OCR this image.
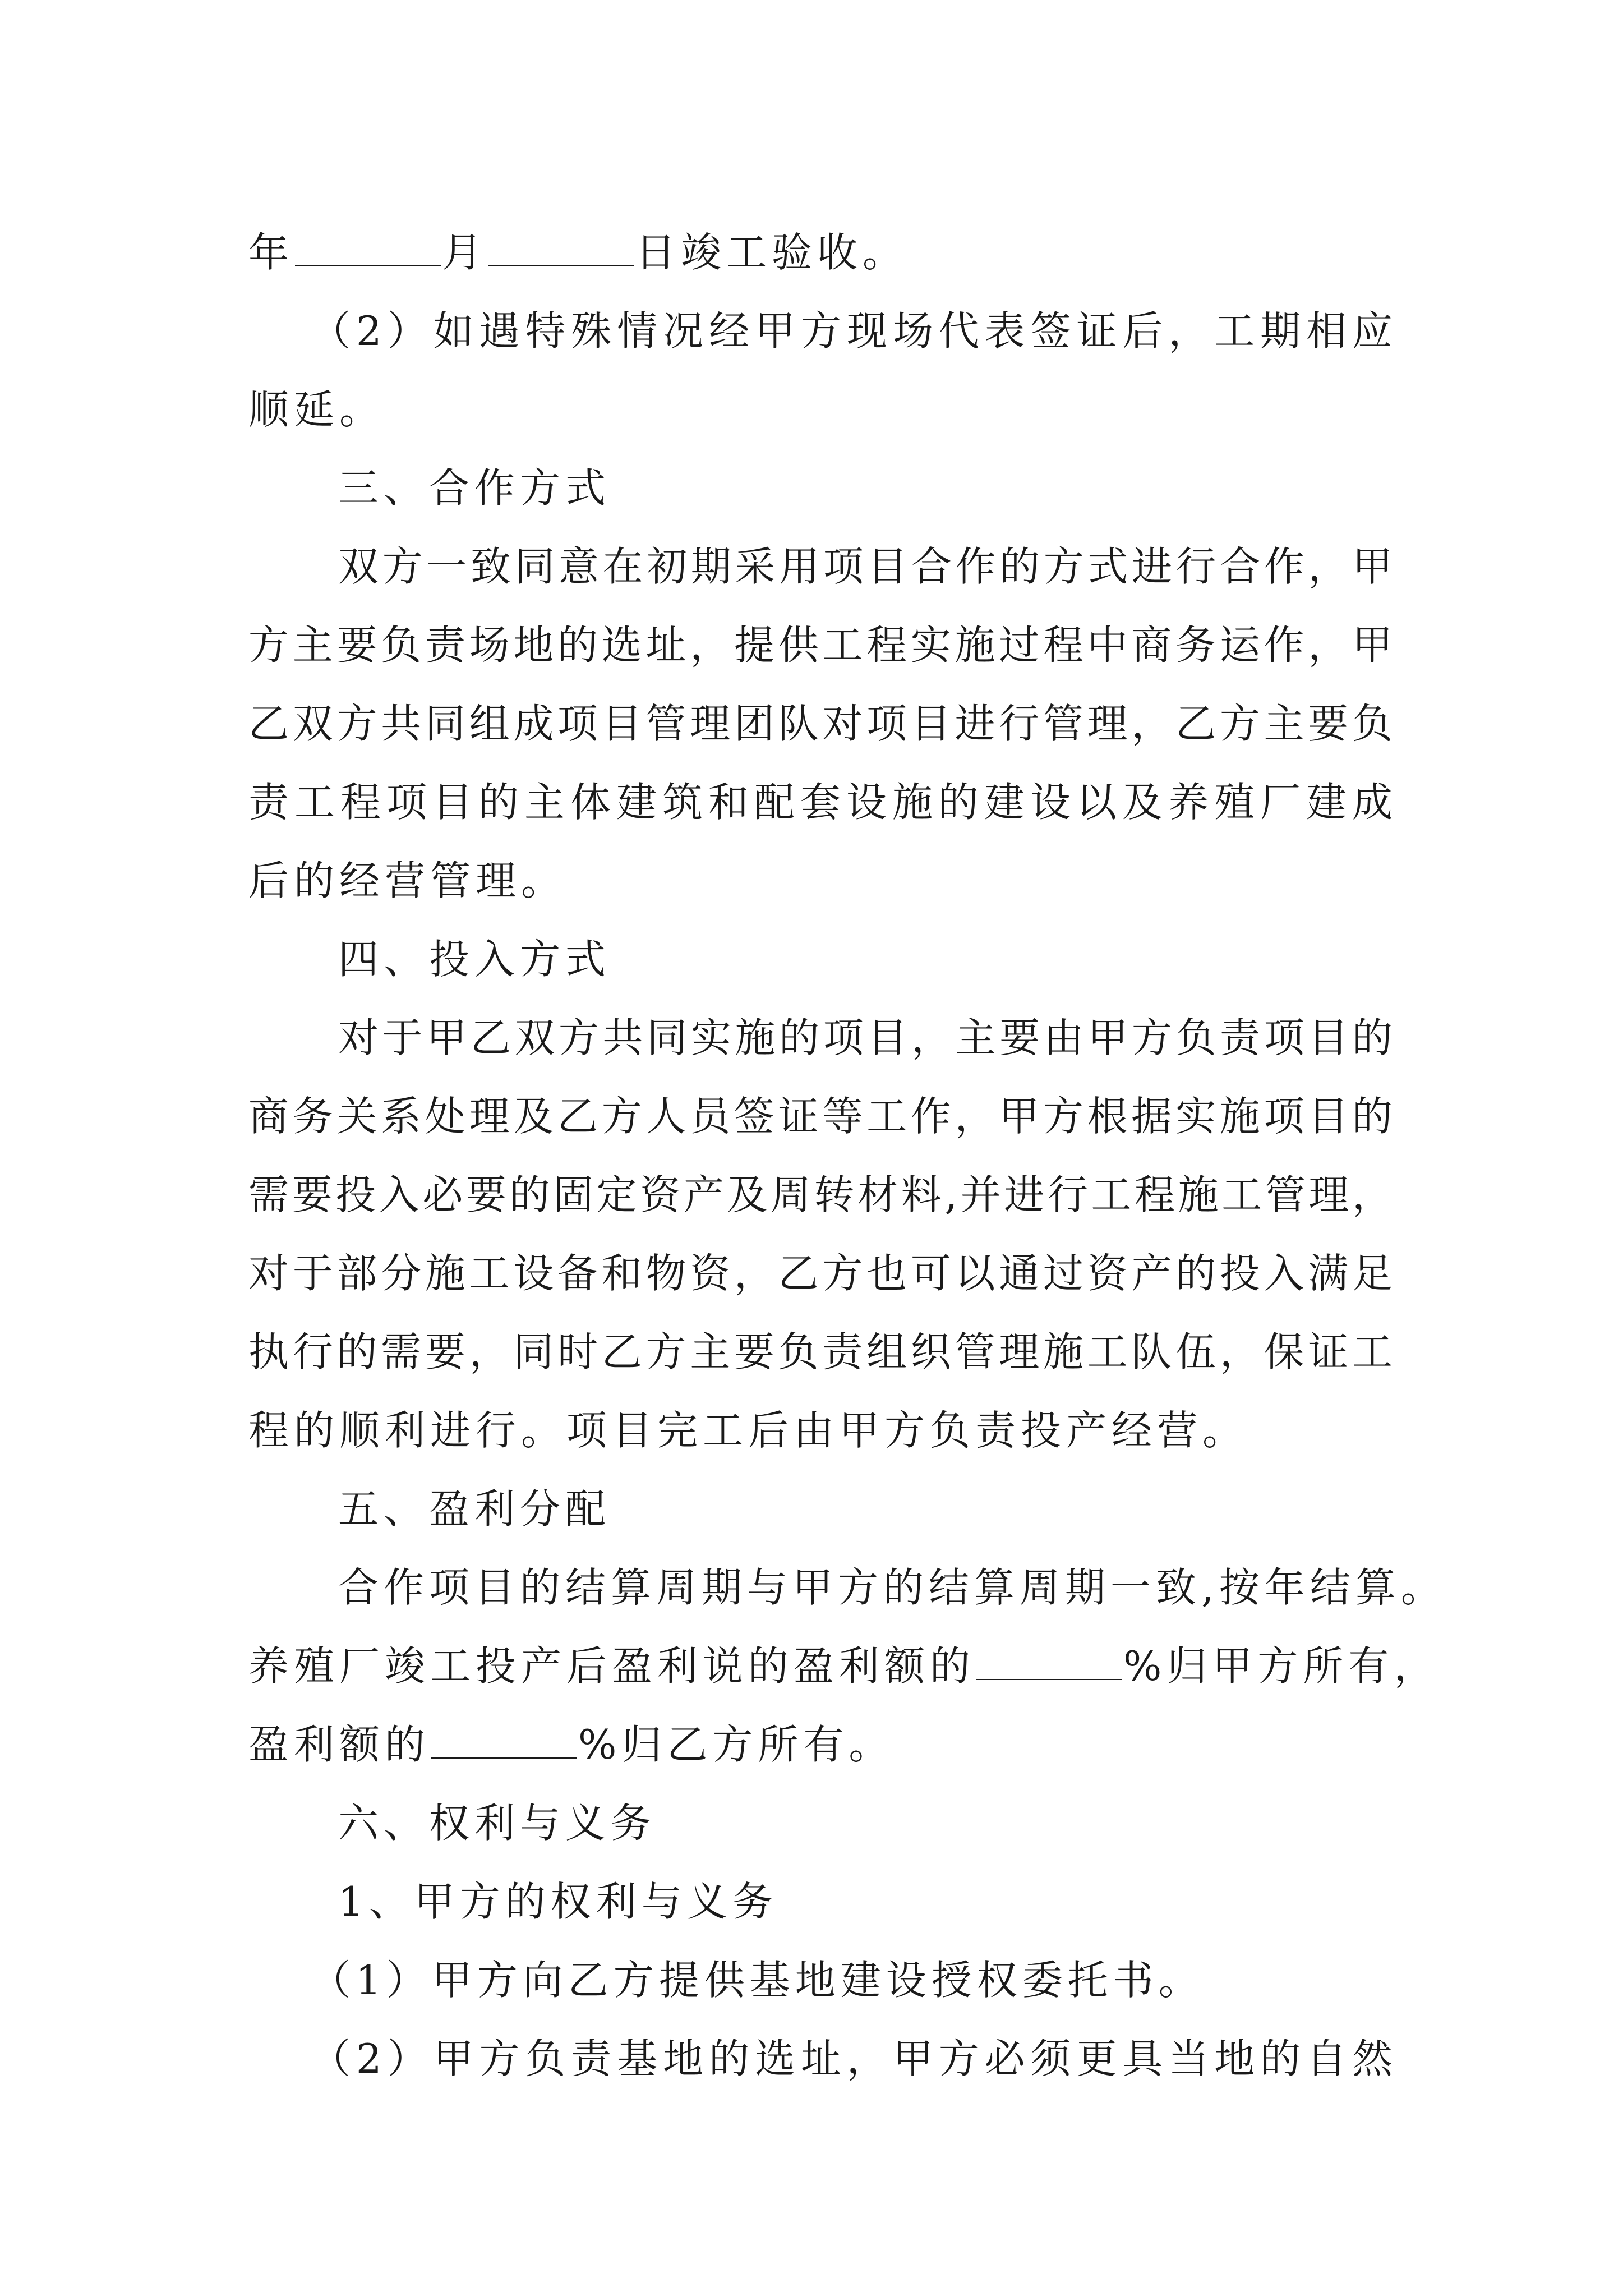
年	月	日竣工验收。
（2）如遇特殊情况经甲方现场代表签证后，工期相应
顺延。
三、合作方式
双方一致同意在初期采用项目合作的方式进行合作，甲
方主要负责场地的选址，提供工程实施过程中商务运作，甲
乙双方共同组成项目管理团队对项目进行管理，乙方主要负
责工程项目的主体建筑和配套设施的建设以及养殖厂建成
后的经营管理。
四、投入方式
对于甲乙双方共同实施的项目，主要由甲方负责项目的
商务关系处理及乙方人员签证等工作，甲方根据实施项目的
需要投入必要的固定资产及周转材料,并进行工程施工管理，
对于部分施工设备和物资，乙方也可以通过资产的投入满足
执行的需要，同时乙方主要负责组织管理施工队伍，保证工
程的顺利进行。项目完工后由甲方负责投产经营。
五、盈利分配
合作项目的结算周期与甲方的结算周期一致,按年结算。
养殖厂竣工投产后盈利说的盈利额的	%归甲方所有，
盈利额的	%归乙方所有。
六、权利与义务
1、甲方的权利与义务
（1）甲方向乙方提供基地建设授权委托书。
（2）甲方负责基地的选址，甲方必须更具当地的自然
